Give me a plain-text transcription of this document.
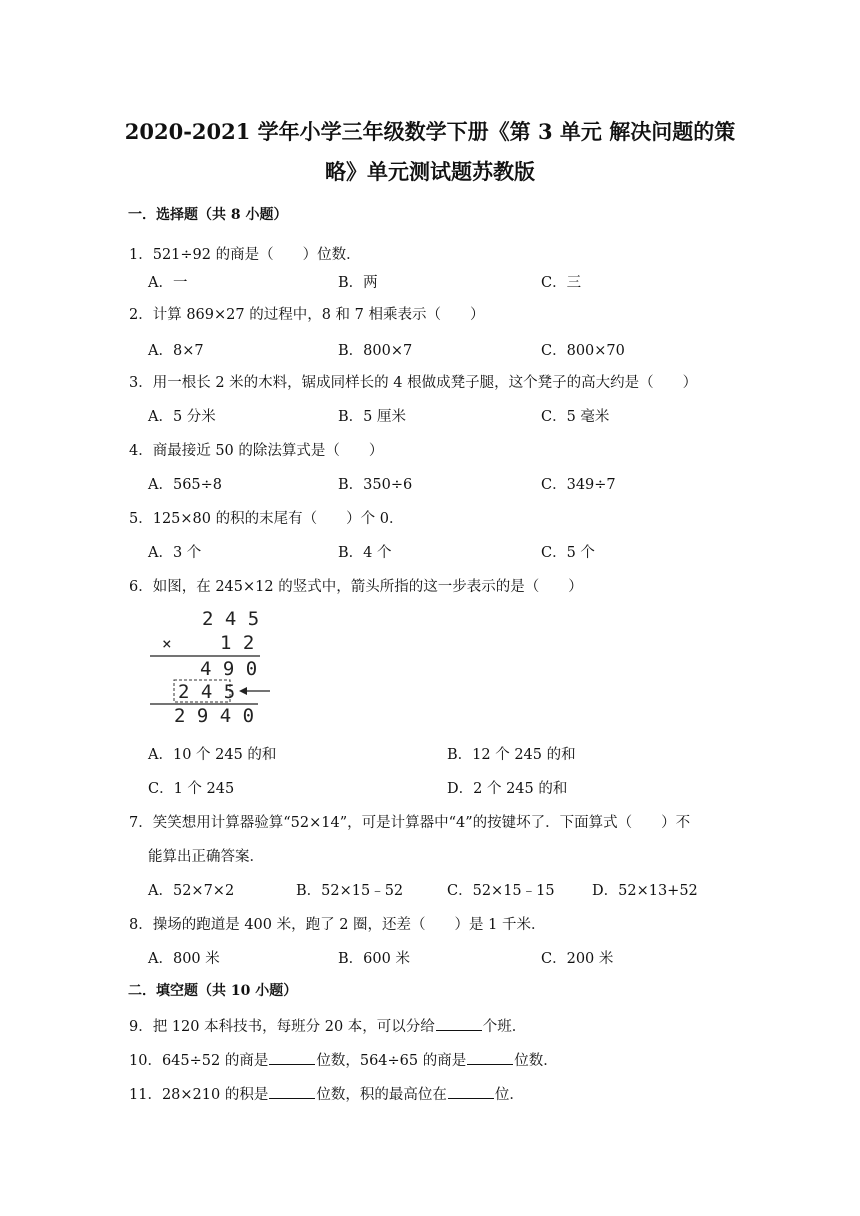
2020-2021 学年小学三年级数学下册《第 3 单元 解决问题的策
略》单元测试题苏教版
一．选择题（共 8 小题）
1．521÷92 的商是（　　）位数．
A．一	B．两	C．三
2．计算 869×27 的过程中，8 和 7 相乘表示（　　）
A．8×7	B．800×7	C．800×70
3．用一根长 2 米的木料，锯成同样长的 4 根做成凳子腿，这个凳子的高大约是（　　）
A．5 分米	B．5 厘米	C．5 毫米
4．商最接近 50 的除法算式是（　　）
A．565÷8	B．350÷6	C．349÷7
5．125×80 的积的末尾有（　　）个 0．
A．3 个	B．4 个	C．5 个
6．如图，在 245×12 的竖式中，箭头所指的这一步表示的是（　　）
2 4 5
×	1 2
4 9 0
2 4 5
2 9 4 0
A．10 个 245 的和	B．12 个 245 的和
C．1 个 245	D．2 个 245 的和
7．笑笑想用计算器验算“52×14”，可是计算器中“4”的按键坏了．下面算式（　　）不
能算出正确答案．
A．52×7×2	B．52×15﹣52	C．52×15﹣15	D．52×13+52
8．操场的跑道是 400 米，跑了 2 圈，还差（　　）是 1 千米．
A．800 米	B．600 米	C．200 米
二．填空题（共 10 小题）
9．把 120 本科技书，每班分 20 本，可以分给	个班．
10．645÷52 的商是	位数，564÷65 的商是	位数．
11．28×210 的积是	位数，积的最高位在	位．
